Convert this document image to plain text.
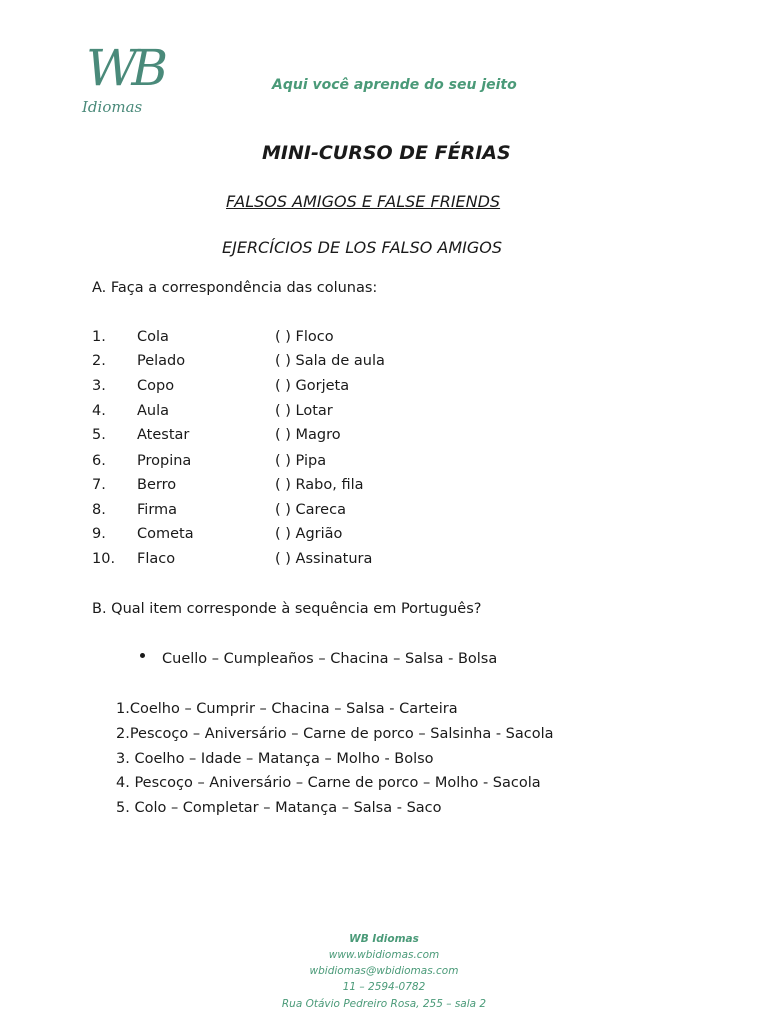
WB
Idiomas
Aqui você aprende do seu jeito
MINI-CURSO DE FÉRIAS
FALSOS AMIGOS E FALSE FRIENDS
EJERCÍCIOS DE LOS FALSO AMIGOS
A. Faça a correspondência das colunas:
1. Cola	( ) Floco
2. Pelado	( ) Sala de aula
3. Copo	( ) Gorjeta
4. Aula	( ) Lotar
5. Atestar	( ) Magro
6. Propina	( ) Pipa
7. Berro	( ) Rabo, fila
8. Firma	( ) Careca
9. Cometa	( ) Agrião
10. Flaco	( ) Assinatura
B. Qual item corresponde à sequência em Português?
Cuello – Cumpleaños – Chacina – Salsa - Bolsa
1.Coelho – Cumprir – Chacina – Salsa - Carteira
2.Pescoço – Aniversário – Carne de porco – Salsinha - Sacola
3. Coelho – Idade – Matança – Molho - Bolso
4. Pescoço – Aniversário – Carne de porco – Molho - Sacola
5. Colo – Completar – Matança – Salsa - Saco
WB Idiomas
www.wbidiomas.com
wbidiomas@wbidiomas.com
11 – 2594-0782
Rua Otávio Pedreiro Rosa, 255 – sala 2
